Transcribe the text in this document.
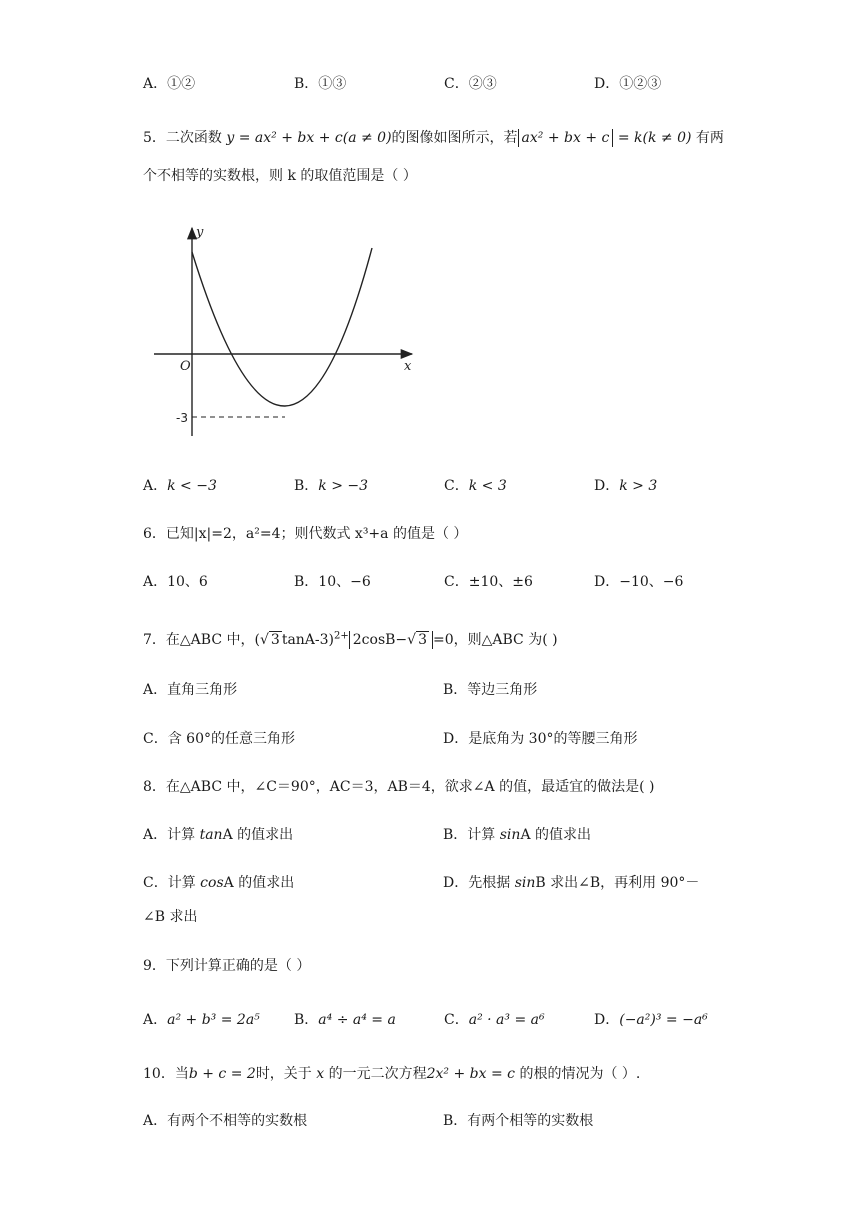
A．①②	B．①③	C．②③	D．①②③
5．二次函数 y = ax² + bx + c(a ≠ 0)的图像如图所示，若 ax² + bx + c = k(k ≠ 0) 有两
个不相等的实数根，则 k 的取值范围是（ ）
y
x
O
-3
A．k < −3	B．k > −3	C．k < 3	D．k > 3
6．已知|x|=2，a²=4；则代数式 x³+a 的值是（ ）
A．10、6	B．10、−6	C．±10、±6	D．−10、−6
7．在△ABC 中，(√ 3 tanA-3)$^{2+}$ 2cosB−√ 3 =0，则△ABC 为( )
A．直角三角形	B．等边三角形
C．含 60°的任意三角形	D．是底角为 30°的等腰三角形
8．在△ABC 中，∠C＝90°，AC＝3，AB＝4，欲求∠A 的值，最适宜的做法是( )
A．计算 tanA 的值求出	B．计算 sinA 的值求出
C．计算 cosA 的值求出	D．先根据 sinB 求出∠B，再利用 90°－
∠B 求出
9．下列计算正确的是（ ）
A．a² + b³ = 2a⁵ B．a⁴ ÷ a⁴ = a	C．a² · a³ = a⁶	D．(−a²)³ = −a⁶
10．当b + c = 2时，关于 x 的一元二次方程2x² + bx = c 的根的情况为（ ）.
A．有两个不相等的实数根	B．有两个相等的实数根
